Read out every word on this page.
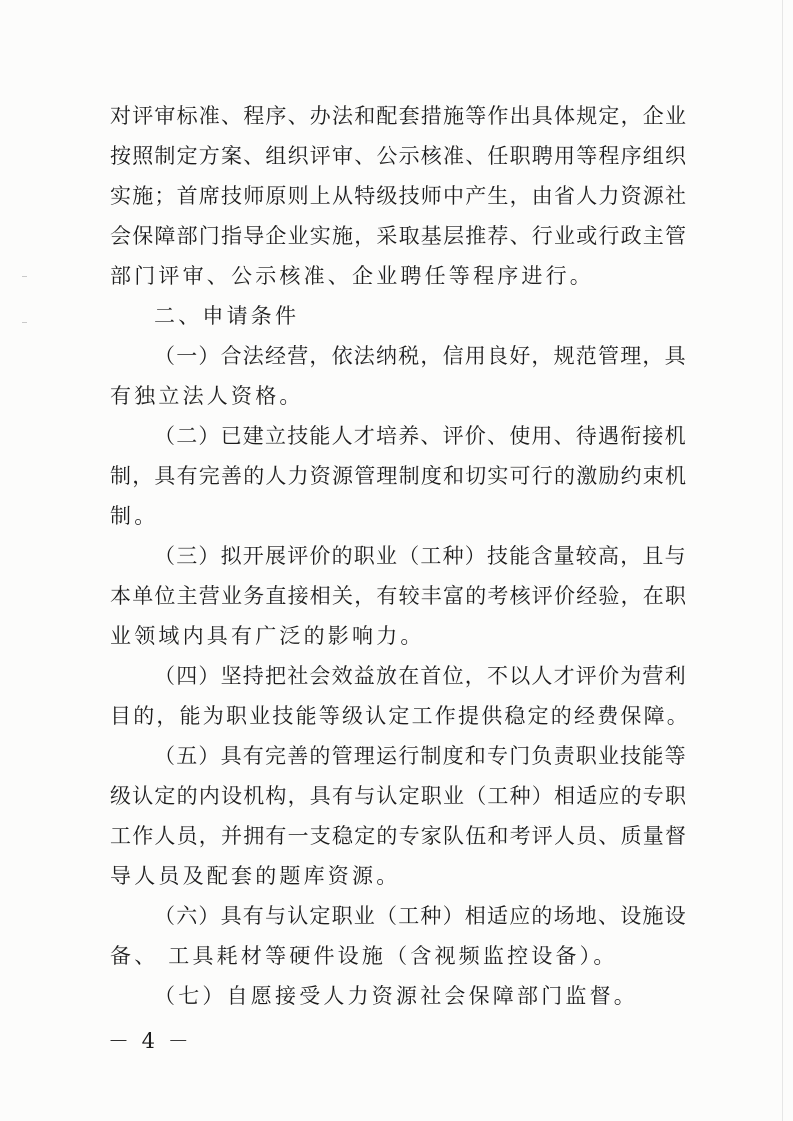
对评审标准、程序、办法和配套措施等作出具体规定，企业
按照制定方案、组织评审、公示核准、任职聘用等程序组织
实施；首席技师原则上从特级技师中产生，由省人力资源社
会保障部门指导企业实施，采取基层推荐、行业或行政主管
部门评审、公示核准、企业聘任等程序进行。
二、申请条件
（一）合法经营，依法纳税，信用良好，规范管理，具
有独立法人资格。
（二）已建立技能人才培养、评价、使用、待遇衔接机
制，具有完善的人力资源管理制度和切实可行的激励约束机
制。
（三）拟开展评价的职业（工种）技能含量较高，且与
本单位主营业务直接相关，有较丰富的考核评价经验，在职
业领域内具有广泛的影响力。
（四）坚持把社会效益放在首位，不以人才评价为营利
目的，能为职业技能等级认定工作提供稳定的经费保障。
（五）具有完善的管理运行制度和专门负责职业技能等
级认定的内设机构，具有与认定职业（工种）相适应的专职
工作人员，并拥有一支稳定的专家队伍和考评人员、质量督
导人员及配套的题库资源。
（六）具有与认定职业（工种）相适应的场地、设施设
备、 工具耗材等硬件设施（含视频监控设备）。
（七）自愿接受人力资源社会保障部门监督。
－ 4 －
